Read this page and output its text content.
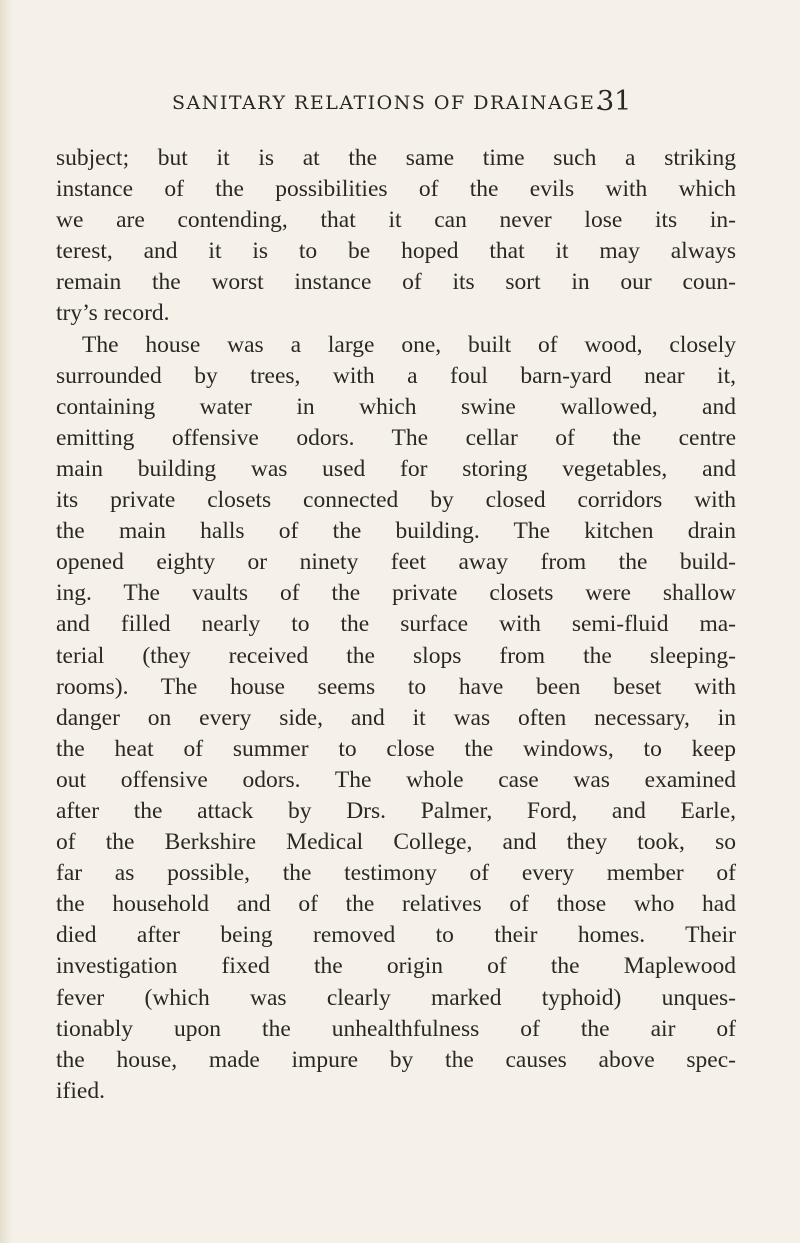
SANITARY RELATIONS OF DRAINAGE.
31
subject; but it is at the same time such a striking
instance of the possibilities of the evils with which
we are contending, that it can never lose its in-
terest, and it is to be hoped that it may always
remain the worst instance of its sort in our coun-
try’s record.
The house was a large one, built of wood, closely
surrounded by trees, with a foul barn-yard near it,
containing water in which swine wallowed, and
emitting offensive odors. The cellar of the centre
main building was used for storing vegetables, and
its private closets connected by closed corridors with
the main halls of the building. The kitchen drain
opened eighty or ninety feet away from the build-
ing. The vaults of the private closets were shallow
and filled nearly to the surface with semi-fluid ma-
terial (they received the slops from the sleeping-
rooms). The house seems to have been beset with
danger on every side, and it was often necessary, in
the heat of summer to close the windows, to keep
out offensive odors. The whole case was examined
after the attack by Drs. Palmer, Ford, and Earle,
of the Berkshire Medical College, and they took, so
far as possible, the testimony of every member of
the household and of the relatives of those who had
died after being removed to their homes. Their
investigation fixed the origin of the Maplewood
fever (which was clearly marked typhoid) unques-
tionably upon the unhealthfulness of the air of
the house, made impure by the causes above spec-
ified.
